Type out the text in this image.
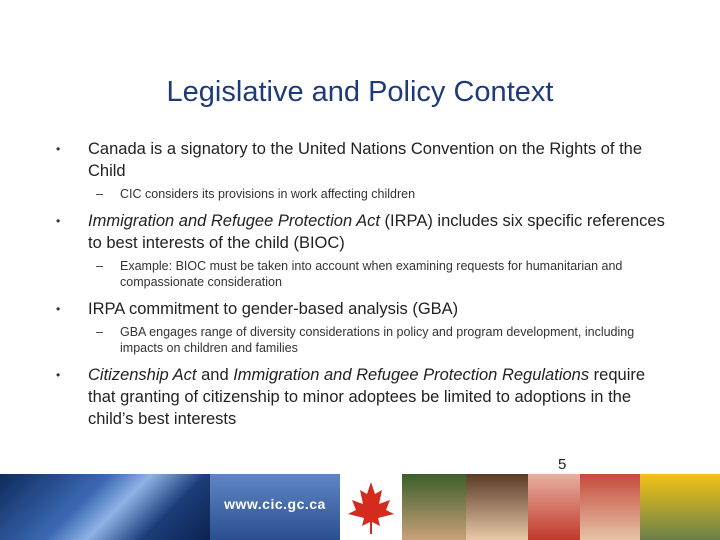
Legislative and Policy Context
•	Canada is a signatory to the United Nations Convention on the Rights of the Child
– CIC considers its provisions in work affecting children
•	Immigration and Refugee Protection Act (IRPA) includes six specific references to best interests of the child (BIOC)
– Example: BIOC must be taken into account when examining requests for humanitarian and compassionate consideration
•	IRPA commitment to gender-based analysis (GBA)
– GBA engages range of diversity considerations in policy and program development, including impacts on children and families
•	Citizenship Act and Immigration and Refugee Protection Regulations require that granting of citizenship to minor adoptees be limited to adoptions in the child’s best interests
5
www.cic.gc.ca
